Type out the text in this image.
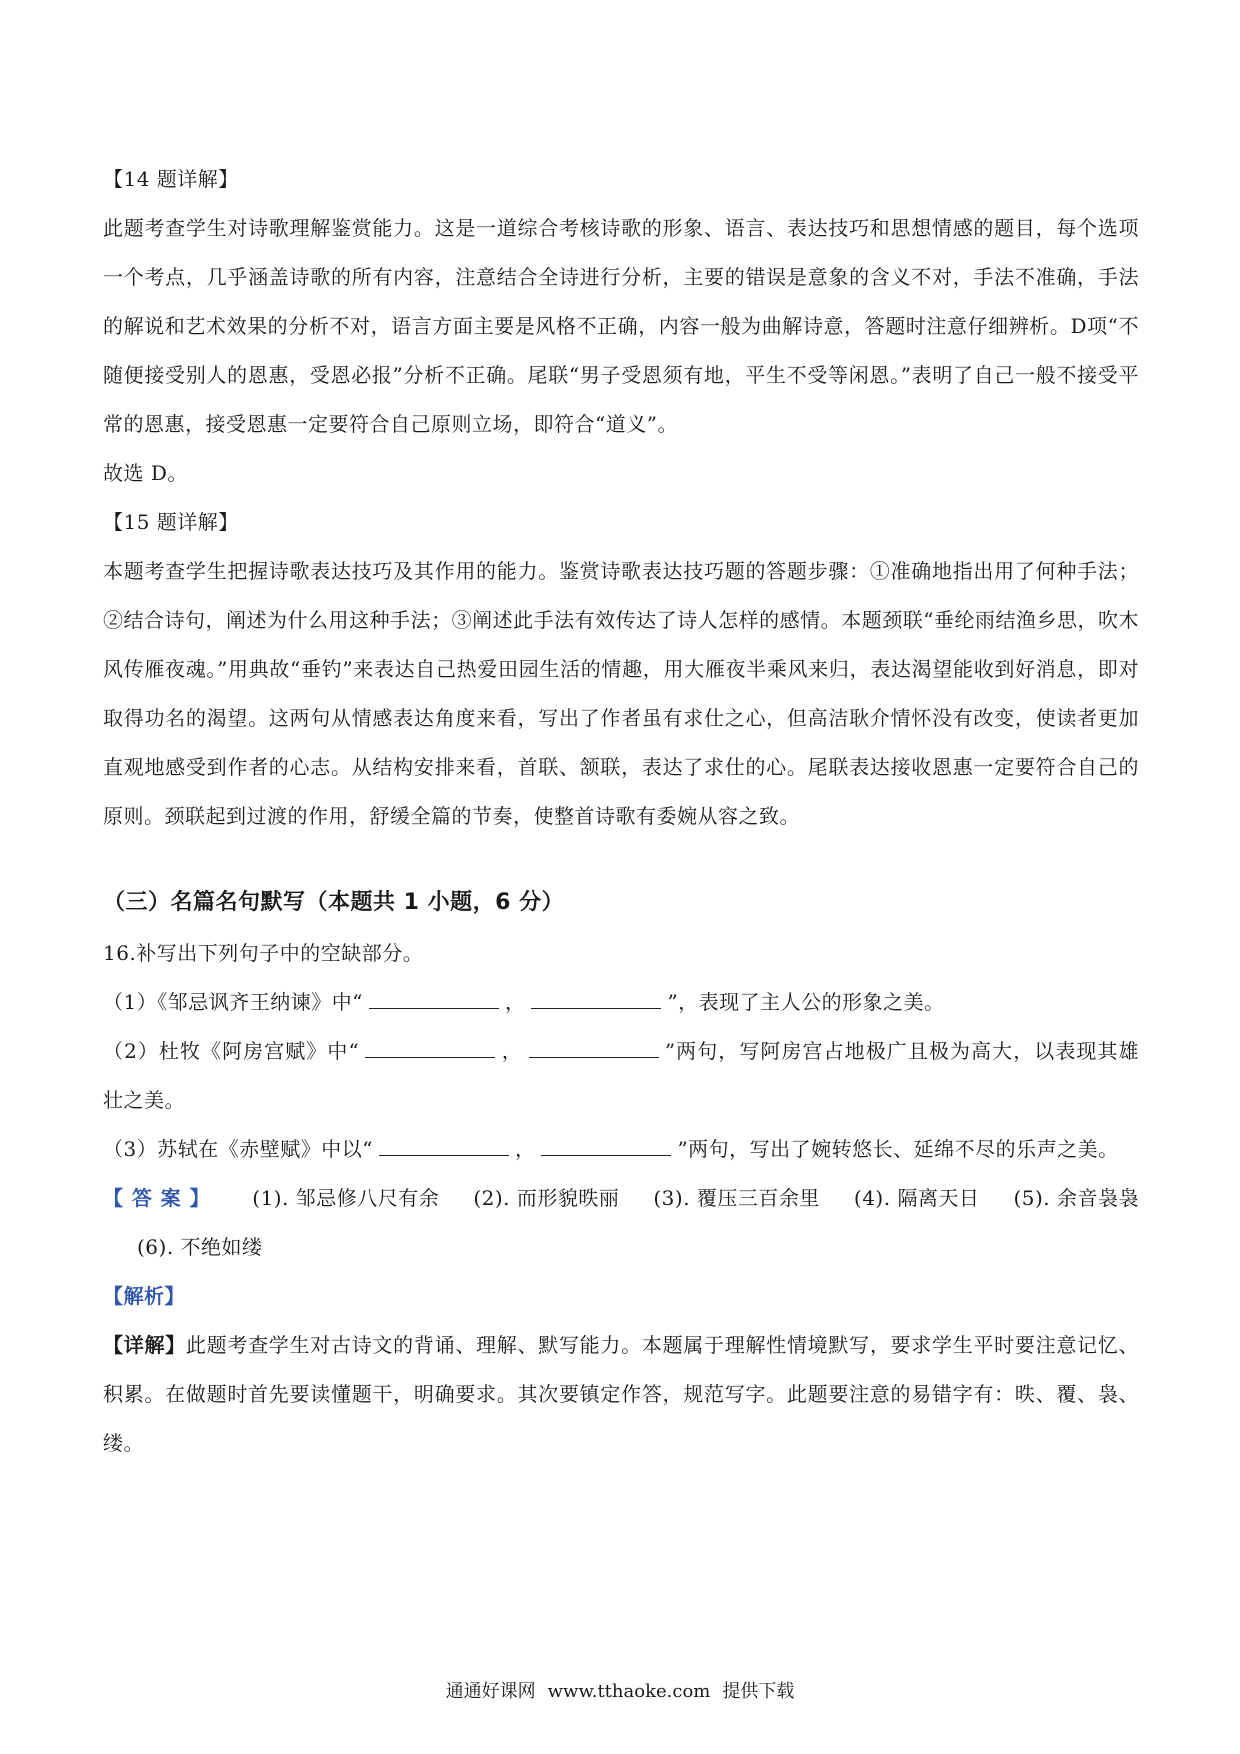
【14 题详解】

此题考查学生对诗歌理解鉴赏能力。这是一道综合考核诗歌的形象、语言、表达技巧和思想情感的题目，每个选项一个考点，几乎涵盖诗歌的所有内容，注意结合全诗进行分析，主要的错误是意象的含义不对，手法不准确，手法的解说和艺术效果的分析不对，语言方面主要是风格不正确，内容一般为曲解诗意，答题时注意仔细辨析。D项“不随便接受别人的恩惠，受恩必报”分析不正确。尾联“男子受恩须有地，平生不受等闲恩。”表明了自己一般不接受平常的恩惠，接受恩惠一定要符合自己原则立场，即符合“道义”。

故选 D。

【15 题详解】

本题考查学生把握诗歌表达技巧及其作用的能力。鉴赏诗歌表达技巧题的答题步骤：①准确地指出用了何种手法；②结合诗句，阐述为什么用这种手法；③阐述此手法有效传达了诗人怎样的感情。本题颈联“垂纶雨结渔乡思，吹木风传雁夜魂。”用典故“垂钓”来表达自己热爱田园生活的情趣，用大雁夜半乘风来归，表达渴望能收到好消息，即对取得功名的渴望。这两句从情感表达角度来看，写出了作者虽有求仕之心，但高洁耿介情怀没有改变，使读者更加直观地感受到作者的心志。从结构安排来看，首联、颔联，表达了求仕的心。尾联表达接收恩惠一定要符合自己的原则。颈联起到过渡的作用，舒缓全篇的节奏，使整首诗歌有委婉从容之致。

（三）名篇名句默写（本题共 1 小题，6 分）

16.补写出下列句子中的空缺部分。

（1）《邹忌讽齐王纳谏》中“	，	”，表现了主人公的形象之美。

（2）杜牧《阿房宫赋》中“	，	”两句，写阿房宫占地极广且极为高大，以表现其雄壮之美。

（3）苏轼在《赤壁赋》中以“	，	”两句，写出了婉转悠长、延绵不尽的乐声之美。

【答案】 (1). 邹忌修八尺有余 (2). 而形貌昳丽 (3). 覆压三百余里 (4). 隔离天日 (5). 余音袅袅(6). 不绝如缕

【解析】

【详解】此题考查学生对古诗文的背诵、理解、默写能力。本题属于理解性情境默写，要求学生平时要注意记忆、积累。在做题时首先要读懂题干，明确要求。其次要镇定作答，规范写字。此题要注意的易错字有：昳、覆、袅、缕。

通通好课网 www.tthaoke.com 提供下载
